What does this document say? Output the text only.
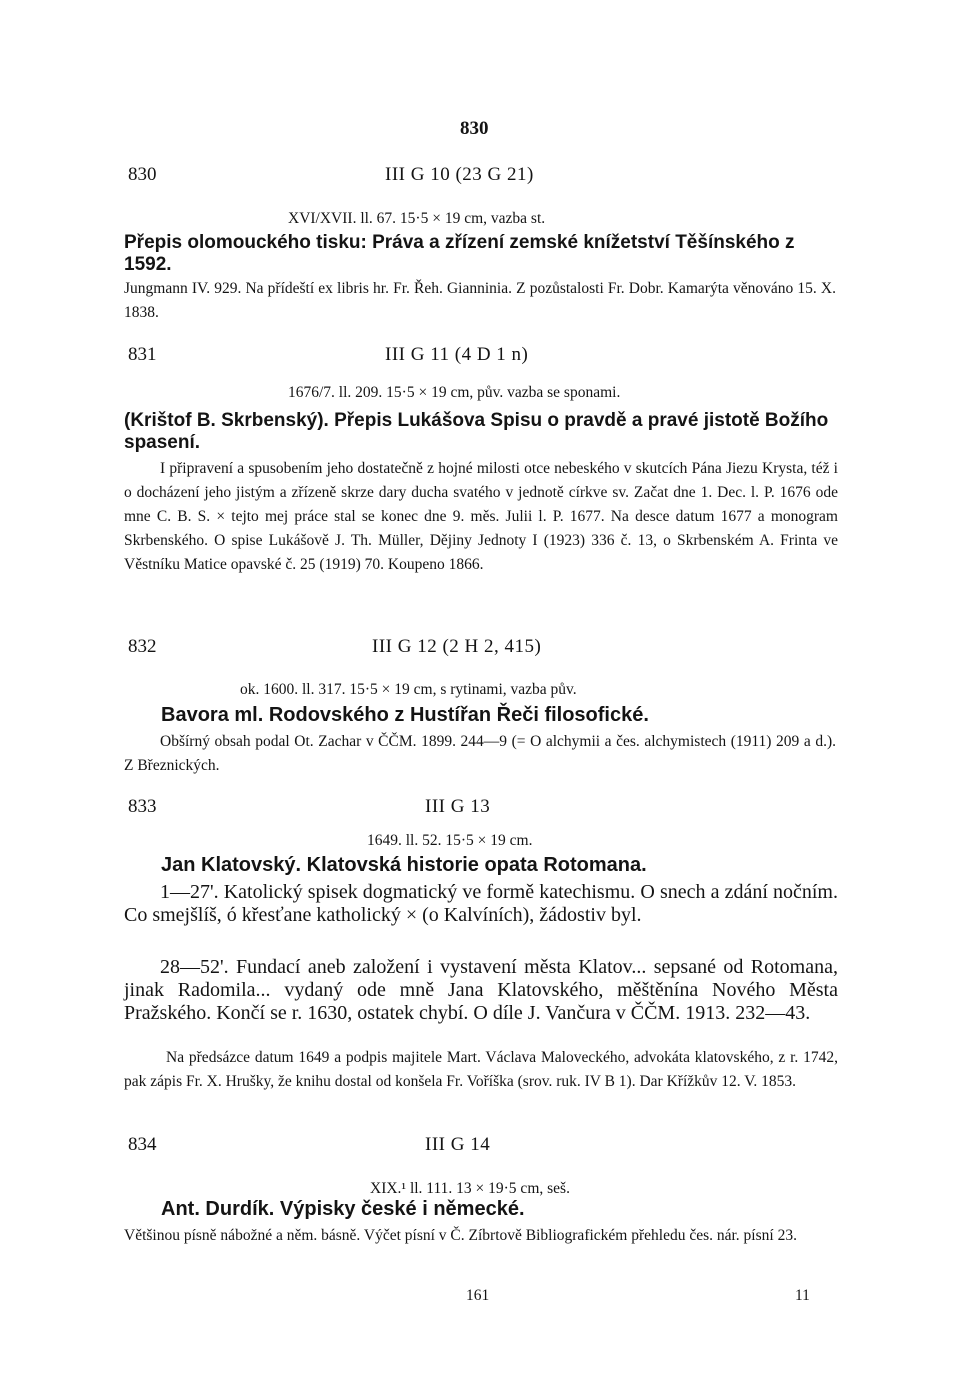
830
830	III G 10 (23 G 21)
XVI/XVII. ll. 67. 15·5 × 19 cm, vazba st.
Přepis olomouckého tisku: Práva a zřízení zemské knížetství Těšínského z 1592.
Jungmann IV. 929. Na přídeští ex libris hr. Fr. Řeh. Gianninia. Z pozůstalosti Fr. Dobr. Kamarýta věnováno 15. X. 1838.
831	III G 11 (4 D 1 n)
1676/7. ll. 209. 15·5 × 19 cm, pův. vazba se sponami.
(Krištof B. Skrbenský). Přepis Lukášova Spisu o pravdě a pravé jistotě Božího spasení.
I připravení a spusobením jeho dostatečně z hojné milosti otce nebeského v skutcích Pána Jiezu Krysta, též i o docházení jeho jistým a zřízeně skrze dary ducha svatého v jednotě církve sv. Začat dne 1. Dec. l. P. 1676 ode mne C. B. S. × tejto mej práce stal se konec dne 9. měs. Julii l. P. 1677. Na desce datum 1677 a monogram Skrbenského. O spise Lukášově J. Th. Müller, Dějiny Jednoty I (1923) 336 č. 13, o Skrbenském A. Frinta ve Věstníku Matice opavské č. 25 (1919) 70. Koupeno 1866.
832	III G 12 (2 H 2, 415)
ok. 1600. ll. 317. 15·5 × 19 cm, s rytinami, vazba pův.
Bavora ml. Rodovského z Hustířan Řeči filosofické.
Obšírný obsah podal Ot. Zachar v ČČM. 1899. 244—9 (= O alchymii a čes. alchymistech (1911) 209 a d.). Z Březnických.
833	III G 13
1649. ll. 52. 15·5 × 19 cm.
Jan Klatovský. Klatovská historie opata Rotomana.
1—27'. Katolický spisek dogmatický ve formě katechismu. O snech a zdání nočním. Co smejšlíš, ó křesťane katholický × (o Kalvíních), žádostiv byl.
28—52'. Fundací aneb založení i vystavení města Klatov... sepsané od Rotomana, jinak Radomila... vydaný ode mně Jana Klatovského, měštěnína Nového Města Pražského. Končí se r. 1630, ostatek chybí. O díle J. Vančura v ČČM. 1913. 232—43.
Na předsázce datum 1649 a podpis majitele Mart. Václava Maloveckého, advokáta klatovského, z r. 1742, pak zápis Fr. X. Hrušky, že knihu dostal od konšela Fr. Voříška (srov. ruk. IV B 1). Dar Křížkův 12. V. 1853.
834	III G 14
XIX.¹ ll. 111. 13 × 19·5 cm, seš.
Ant. Durdík. Výpisky české i německé.
Většinou písně nábožné a něm. básně. Výčet písní v Č. Zíbrtově Bibliografickém přehledu čes. nár. písní 23.
161	11
